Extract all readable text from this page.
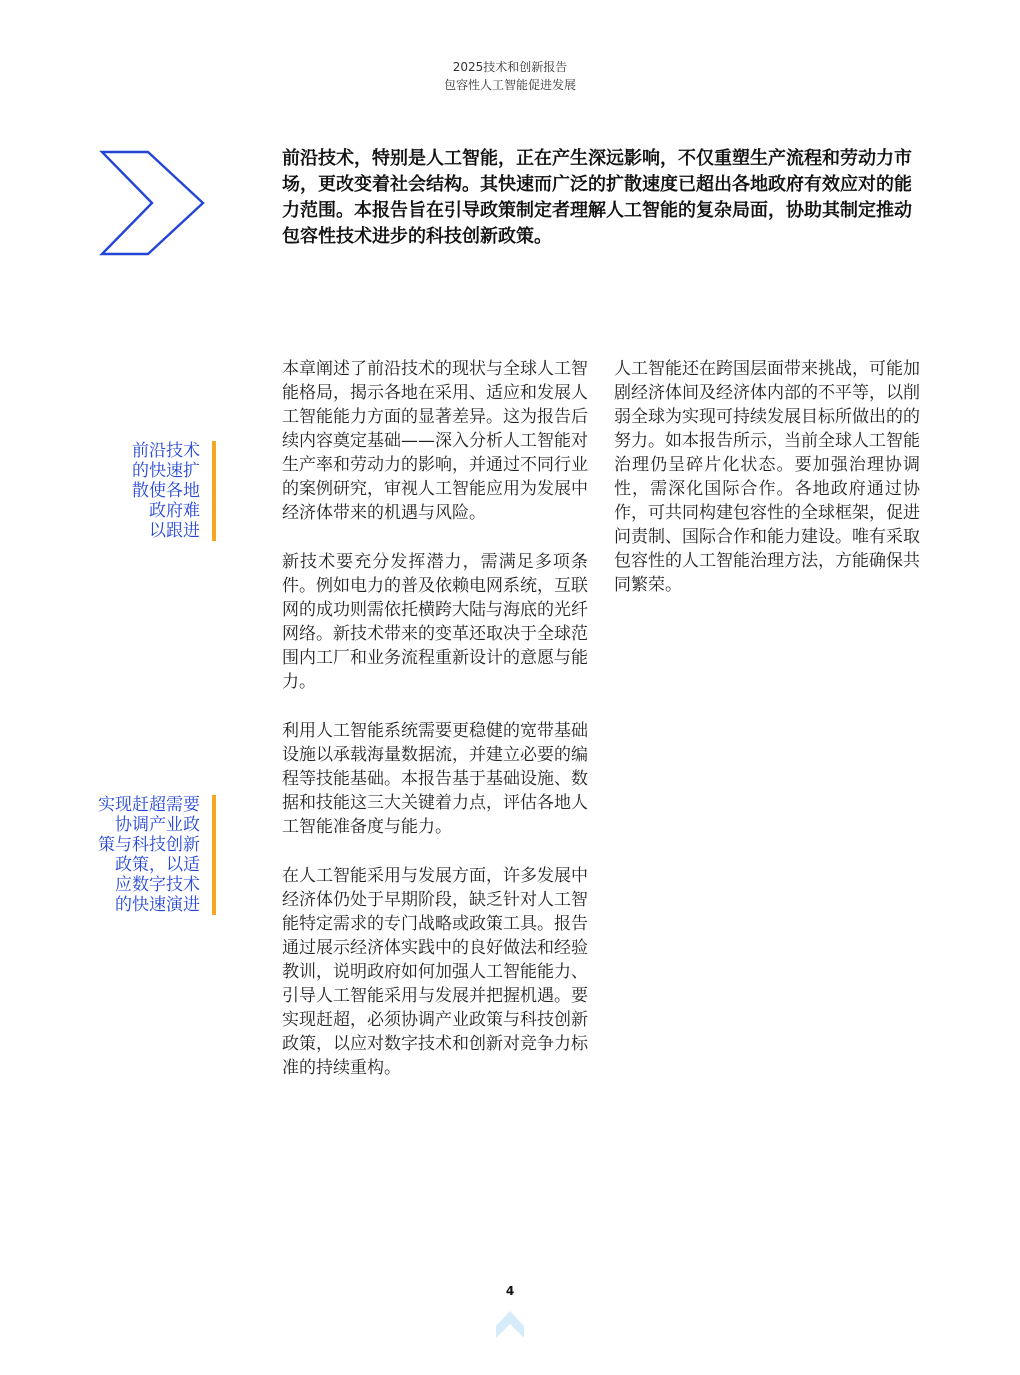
2025技术和创新报告
包容性人工智能促进发展

前沿技术，特别是人工智能，正在产生深远影响，不仅重塑生产流程和劳动力市场，更改变着社会结构。其快速而广泛的扩散速度已超出各地政府有效应对的能力范围。本报告旨在引导政策制定者理解人工智能的复杂局面，协助其制定推动包容性技术进步的科技创新政策。

前沿技术
的快速扩
散使各地
政府难
以跟进
实现赶超需要
协调产业政
策与科技创新
政策，以适
应数字技术
的快速演进

本章阐述了前沿技术的现状与全球人工智能格局，揭示各地在采用、适应和发展人工智能能力方面的显著差异。这为报告后续内容奠定基础——深入分析人工智能对生产率和劳动力的影响，并通过不同行业的案例研究，审视人工智能应用为发展中经济体带来的机遇与风险。

新技术要充分发挥潜力，需满足多项条件。例如电力的普及依赖电网系统，互联网的成功则需依托横跨大陆与海底的光纤网络。新技术带来的变革还取决于全球范围内工厂和业务流程重新设计的意愿与能力。

利用人工智能系统需要更稳健的宽带基础设施以承载海量数据流，并建立必要的编程等技能基础。本报告基于基础设施、数据和技能这三大关键着力点，评估各地人工智能准备度与能力。

在人工智能采用与发展方面，许多发展中经济体仍处于早期阶段，缺乏针对人工智能特定需求的专门战略或政策工具。报告通过展示经济体实践中的良好做法和经验教训，说明政府如何加强人工智能能力、引导人工智能采用与发展并把握机遇。要实现赶超，必须协调产业政策与科技创新政策，以应对数字技术和创新对竞争力标准的持续重构。

人工智能还在跨国层面带来挑战，可能加剧经济体间及经济体内部的不平等，以削弱全球为实现可持续发展目标所做出的的努力。如本报告所示，当前全球人工智能治理仍呈碎片化状态。要加强治理协调性，需深化国际合作。各地政府通过协作，可共同构建包容性的全球框架，促进问责制、国际合作和能力建设。唯有采取包容性的人工智能治理方法，方能确保共同繁荣。

4
